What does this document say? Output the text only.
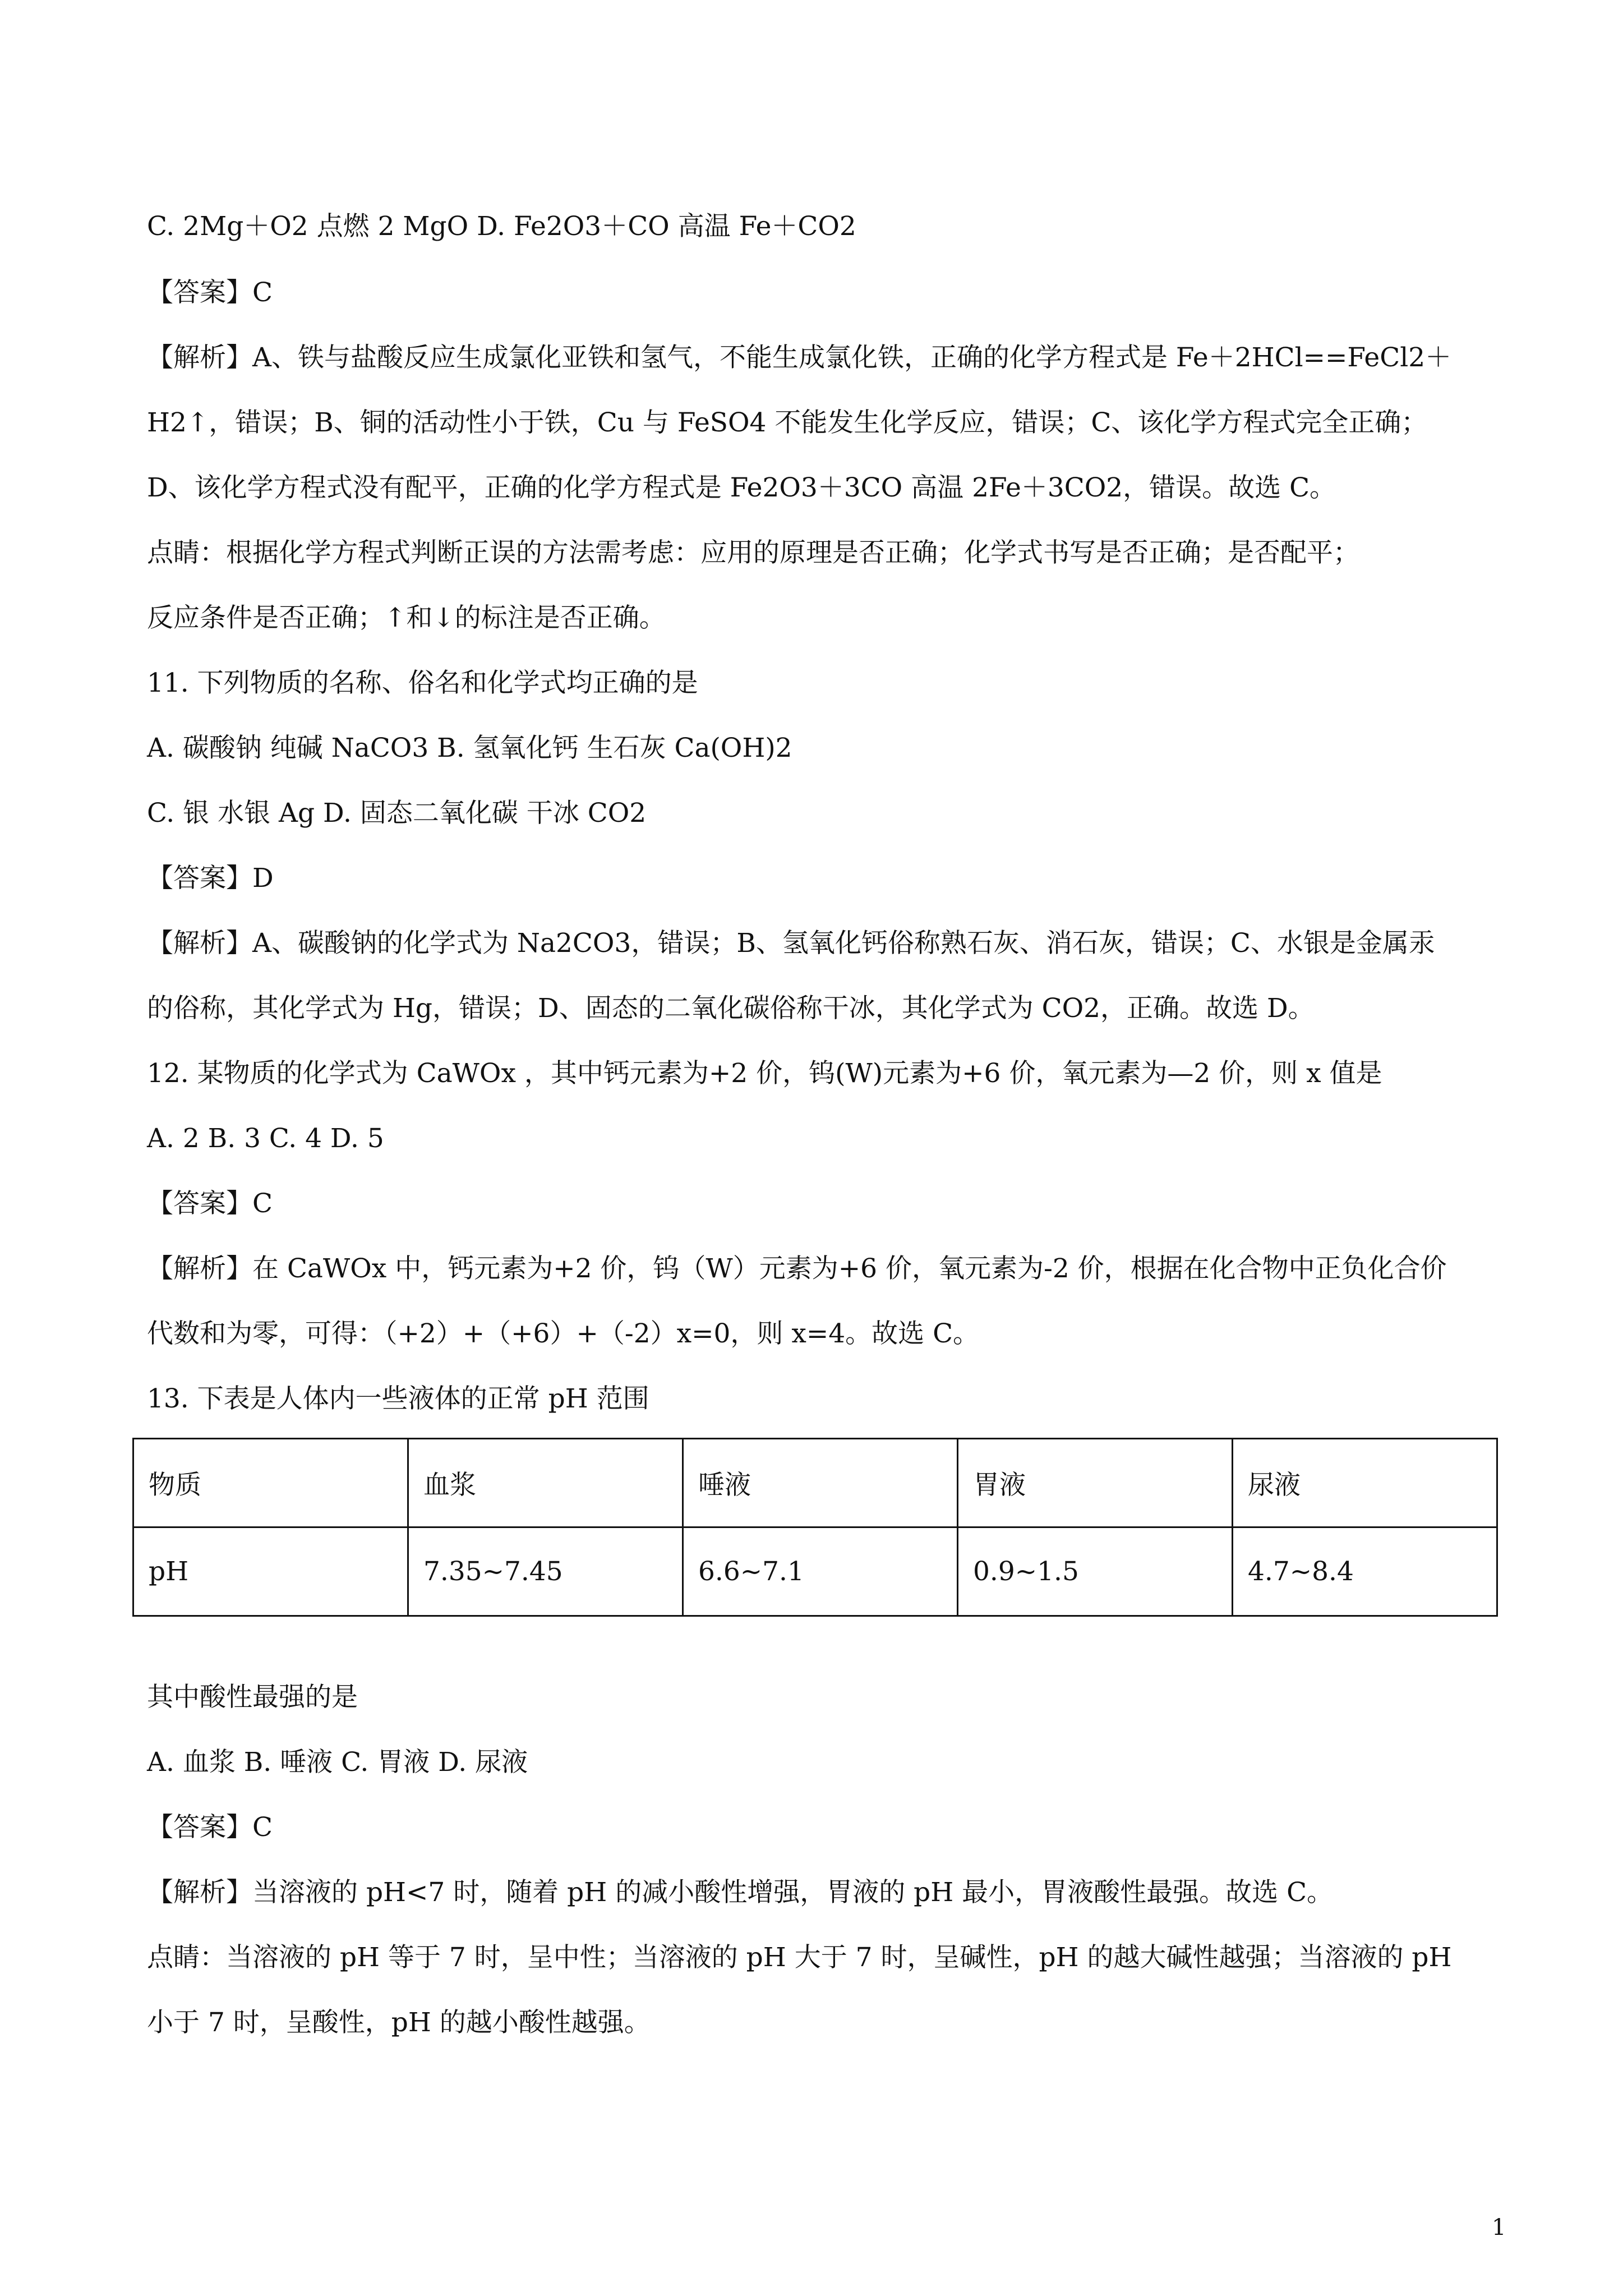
C. 2Mg＋O2 点燃 2 MgO D. Fe2O3＋CO 高温 Fe＋CO2
【答案】C
【解析】A、铁与盐酸反应生成氯化亚铁和氢气，不能生成氯化铁，正确的化学方程式是 Fe＋2HCl==FeCl2＋
H2↑，错误；B、铜的活动性小于铁，Cu 与 FeSO4 不能发生化学反应，错误；C、该化学方程式完全正确；
D、该化学方程式没有配平，正确的化学方程式是 Fe2O3＋3CO 高温 2Fe＋3CO2，错误。故选 C。
点睛：根据化学方程式判断正误的方法需考虑：应用的原理是否正确；化学式书写是否正确；是否配平；
反应条件是否正确；↑和↓的标注是否正确。
11. 下列物质的名称、俗名和化学式均正确的是
A. 碳酸钠 纯碱 NaCO3 B. 氢氧化钙 生石灰 Ca(OH)2
C. 银 水银 Ag D. 固态二氧化碳 干冰 CO2
【答案】D
【解析】A、碳酸钠的化学式为 Na2CO3，错误；B、氢氧化钙俗称熟石灰、消石灰，错误；C、水银是金属汞
的俗称，其化学式为 Hg，错误；D、固态的二氧化碳俗称干冰，其化学式为 CO2，正确。故选 D。
12. 某物质的化学式为 CaWOx ，其中钙元素为+2 价，钨(W)元素为+6 价，氧元素为—2 价，则 x 值是
A. 2 B. 3 C. 4 D. 5
【答案】C
【解析】在 CaWOx 中，钙元素为+2 价，钨（W）元素为+6 价，氧元素为-2 价，根据在化合物中正负化合价
代数和为零，可得：（+2）+（+6）+（-2）x=0，则 x=4。故选 C。
13. 下表是人体内一些液体的正常 pH 范围
物质	血浆	唾液	胃液	尿液
pH	7.35~7.45	6.6~7.1	0.9~1.5	4.7~8.4
其中酸性最强的是
A. 血浆 B. 唾液 C. 胃液 D. 尿液
【答案】C
【解析】当溶液的 pH<7 时，随着 pH 的减小酸性增强，胃液的 pH 最小，胃液酸性最强。故选 C。
点睛：当溶液的 pH 等于 7 时，呈中性；当溶液的 pH 大于 7 时，呈碱性，pH 的越大碱性越强；当溶液的 pH
小于 7 时，呈酸性，pH 的越小酸性越强。
1
